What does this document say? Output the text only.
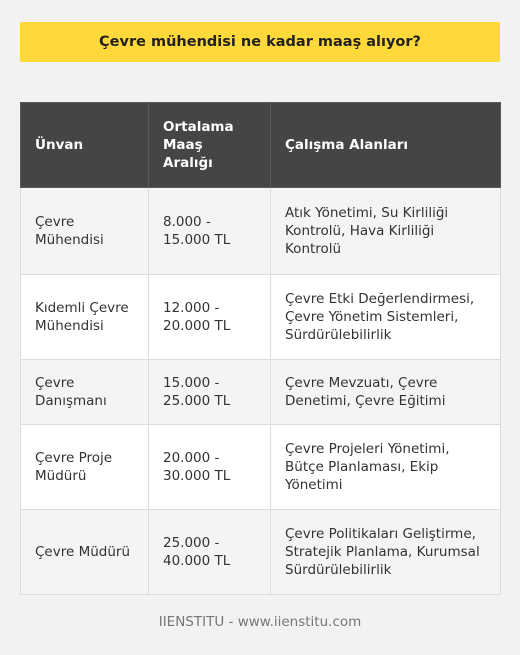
Çevre mühendisi ne kadar maaş alıyor?
Ünvan	Ortalama Maaş Aralığı	Çalışma Alanları
Çevre Mühendisi	8.000 - 15.000 TL	Atık Yönetimi, Su Kirliliği Kontrolü, Hava Kirliliği Kontrolü
Kıdemli Çevre Mühendisi	12.000 - 20.000 TL	Çevre Etki Değerlendirmesi, Çevre Yönetim Sistemleri, Sürdürülebilirlik
Çevre Danışmanı	15.000 - 25.000 TL	Çevre Mevzuatı, Çevre Denetimi, Çevre Eğitimi
Çevre Proje Müdürü	20.000 - 30.000 TL	Çevre Projeleri Yönetimi, Bütçe Planlaması, Ekip Yönetimi
Çevre Müdürü	25.000 - 40.000 TL	Çevre Politikaları Geliştirme, Stratejik Planlama, Kurumsal Sürdürülebilirlik
IIENSTITU - www.iienstitu.com
